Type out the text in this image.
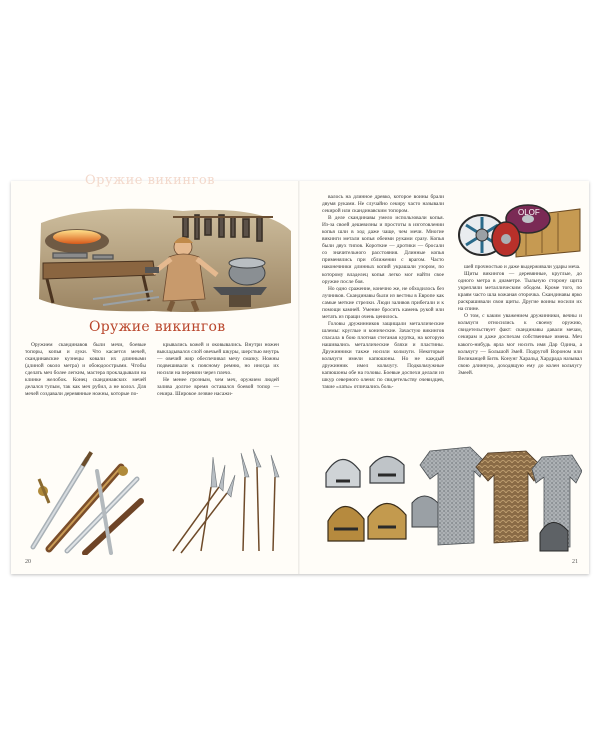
Оружие викингов
Оружие викингов

Оружием скандинавов были мечи, боевые топоры, копья и луки. Что касается мечей, скандинавские кузнецы ковали их длинными (длиной около метра) и обоюдоострыми. Чтобы сделать меч более легким, мастера прокладывали на клинке желобок. Конец скандинавских мечей делался тупым, так как меч рубил, а не колол. Для мечей создавали деревянные ножны, которые по-

крывались кожей и оковывались. Внутри ножен выкладывался слой овечьей шкуры, шерстью внутрь — овечий жир обеспечивал мечу смазку. Ножны подвешивали к поясному ремню, но иногда их носили на перевязи через плечо.

Не менее грозным, чем меч, оружием людей залива долгое время оставался боевой топор — секира. Широкое лезвие насажи-

20

валось на длинное древко, которое воины брали двумя руками. Не случайно секиру часто называли секирой или скандинавским топором.

В деле скандинавы умело использовали копья. Из-за своей дешевизны и простоты в изготовлении копья шли в ход даже чаще, чем мечи. Многие викинги метали копья обеими руками сразу. Копья были двух типов. Короткие — дротики — бросали со значительного расстояния. Длинные копья применялись при сближении с врагом. Часто наконечники длинных копий украшали узором, по которому владелец копья легко мог найти свое оружие после боя.

Но одно сражение, конечно же, не обходилось без лучников. Скандинавы были из вестны в Европе как самые меткие стрелки. Люди заливов прибегали и к помощи камней. Умение бросить камень рукой или метать из пращи очень ценилось.

Головы дружинников защищали металлические шлемы: круглые и конические. Зачастую викингов спасала в бою плотная стеганая куртка, на которую нашивались металлические бляхи и пластины. Дружинники также носили кольчуги. Некоторые кольчуги имели капюшоны. Но не каждый дружинник имел кольчугу. Подкольчужные капюшоны обе на головы. Боевые доспехи делали из шкур северного оленя: по свидетельству очевидцев, такие «латы» отличались боль-

OLOF

шей прочностью и даже выдерживали удары меча.

Щиты викингов — деревянные, круглые, до одного метра в диаметре. Тыльную сторону щита укрепляли металлическим ободом. Кроме того, по краям часто шла кожаная оторочка. Скандинавы ярко раскрашивали свои щиты. Другие воины носили их на спине.

О том, с каким уважением дружинники, вечны и кольчуги относились к своему оружию, свидетельствует факт: скандинавы давали мечам, секирам и даже доспехам собственные имена. Меч какого-нибудь ярла мог носить имя Дар Одина, а кольчугу — Большой Змей. Подругой Вороном или Великанцей Битв. Конунг Харальд Хардрада называл свою длинную, доходящую ему до колен кольчугу Змеей.

21
